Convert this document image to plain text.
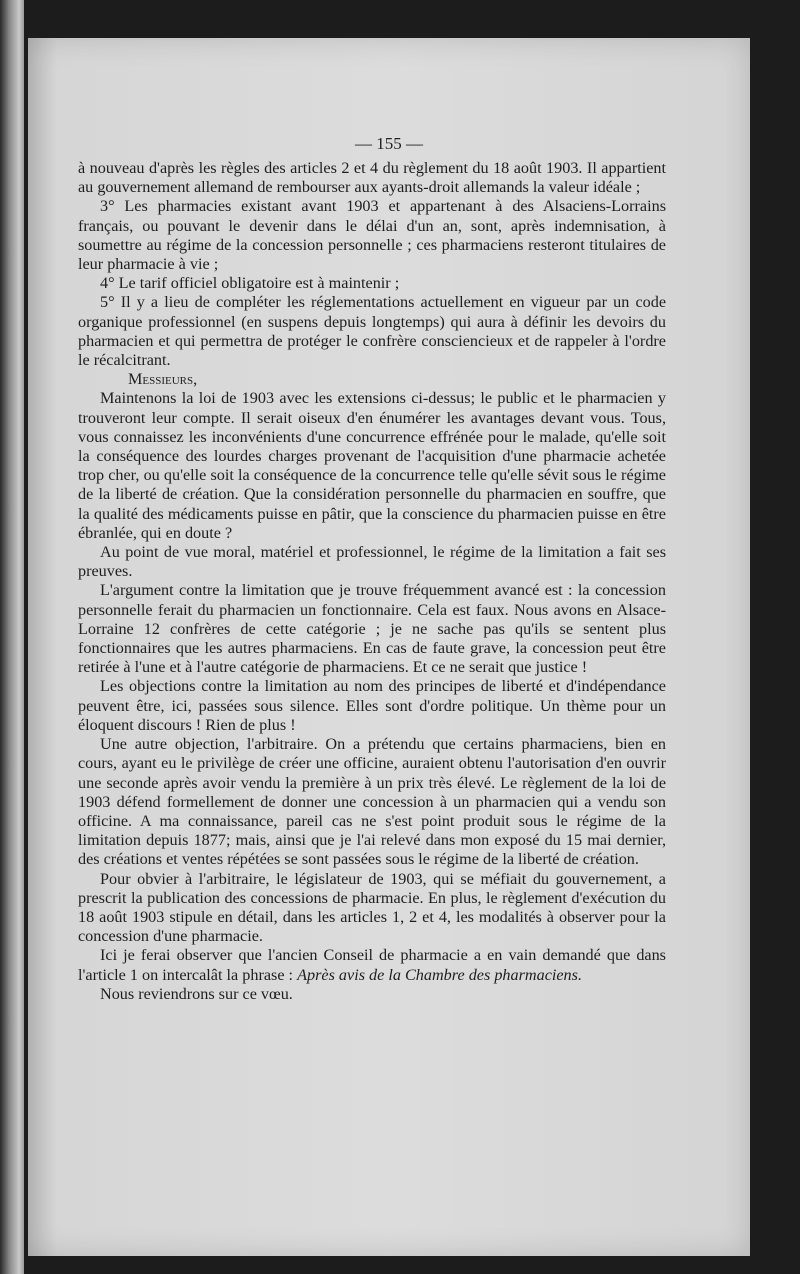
— 155 —

à nouveau d'après les règles des articles 2 et 4 du règlement du 18 août 1903. Il appartient au gouvernement allemand de rembourser aux ayants-droit allemands la valeur idéale ;

3° Les pharmacies existant avant 1903 et appartenant à des Alsaciens-Lorrains français, ou pouvant le devenir dans le délai d'un an, sont, après indemnisation, à soumettre au régime de la concession personnelle ; ces pharmaciens resteront titulaires de leur pharmacie à vie ;

4° Le tarif officiel obligatoire est à maintenir ;

5° Il y a lieu de compléter les réglementations actuellement en vigueur par un code organique professionnel (en suspens depuis longtemps) qui aura à définir les devoirs du pharmacien et qui permettra de protéger le confrère consciencieux et de rappeler à l'ordre le récalcitrant.

Messieurs,

Maintenons la loi de 1903 avec les extensions ci-dessus; le public et le pharmacien y trouveront leur compte. Il serait oiseux d'en énumérer les avantages devant vous. Tous, vous connaissez les inconvénients d'une concurrence effrénée pour le malade, qu'elle soit la conséquence des lourdes charges provenant de l'acquisition d'une pharmacie achetée trop cher, ou qu'elle soit la conséquence de la concurrence telle qu'elle sévit sous le régime de la liberté de création. Que la considération personnelle du pharmacien en souffre, que la qualité des médicaments puisse en pâtir, que la conscience du pharmacien puisse en être ébranlée, qui en doute ?

Au point de vue moral, matériel et professionnel, le régime de la limitation a fait ses preuves.

L'argument contre la limitation que je trouve fréquemment avancé est : la concession personnelle ferait du pharmacien un fonctionnaire. Cela est faux. Nous avons en Alsace-Lorraine 12 confrères de cette catégorie ; je ne sache pas qu'ils se sentent plus fonctionnaires que les autres pharmaciens. En cas de faute grave, la concession peut être retirée à l'une et à l'autre catégorie de pharmaciens. Et ce ne serait que justice !

Les objections contre la limitation au nom des principes de liberté et d'indépendance peuvent être, ici, passées sous silence. Elles sont d'ordre politique. Un thème pour un éloquent discours ! Rien de plus !

Une autre objection, l'arbitraire. On a prétendu que certains pharmaciens, bien en cours, ayant eu le privilège de créer une officine, auraient obtenu l'autorisation d'en ouvrir une seconde après avoir vendu la première à un prix très élevé. Le règlement de la loi de 1903 défend formellement de donner une concession à un pharmacien qui a vendu son officine. A ma connaissance, pareil cas ne s'est point produit sous le régime de la limitation depuis 1877; mais, ainsi que je l'ai relevé dans mon exposé du 15 mai dernier, des créations et ventes répétées se sont passées sous le régime de la liberté de création.

Pour obvier à l'arbitraire, le législateur de 1903, qui se méfiait du gouvernement, a prescrit la publication des concessions de pharmacie. En plus, le règlement d'exécution du 18 août 1903 stipule en détail, dans les articles 1, 2 et 4, les modalités à observer pour la concession d'une pharmacie.

Ici je ferai observer que l'ancien Conseil de pharmacie a en vain demandé que dans l'article 1 on intercalât la phrase : Après avis de la Chambre des pharmaciens.

Nous reviendrons sur ce vœu.
